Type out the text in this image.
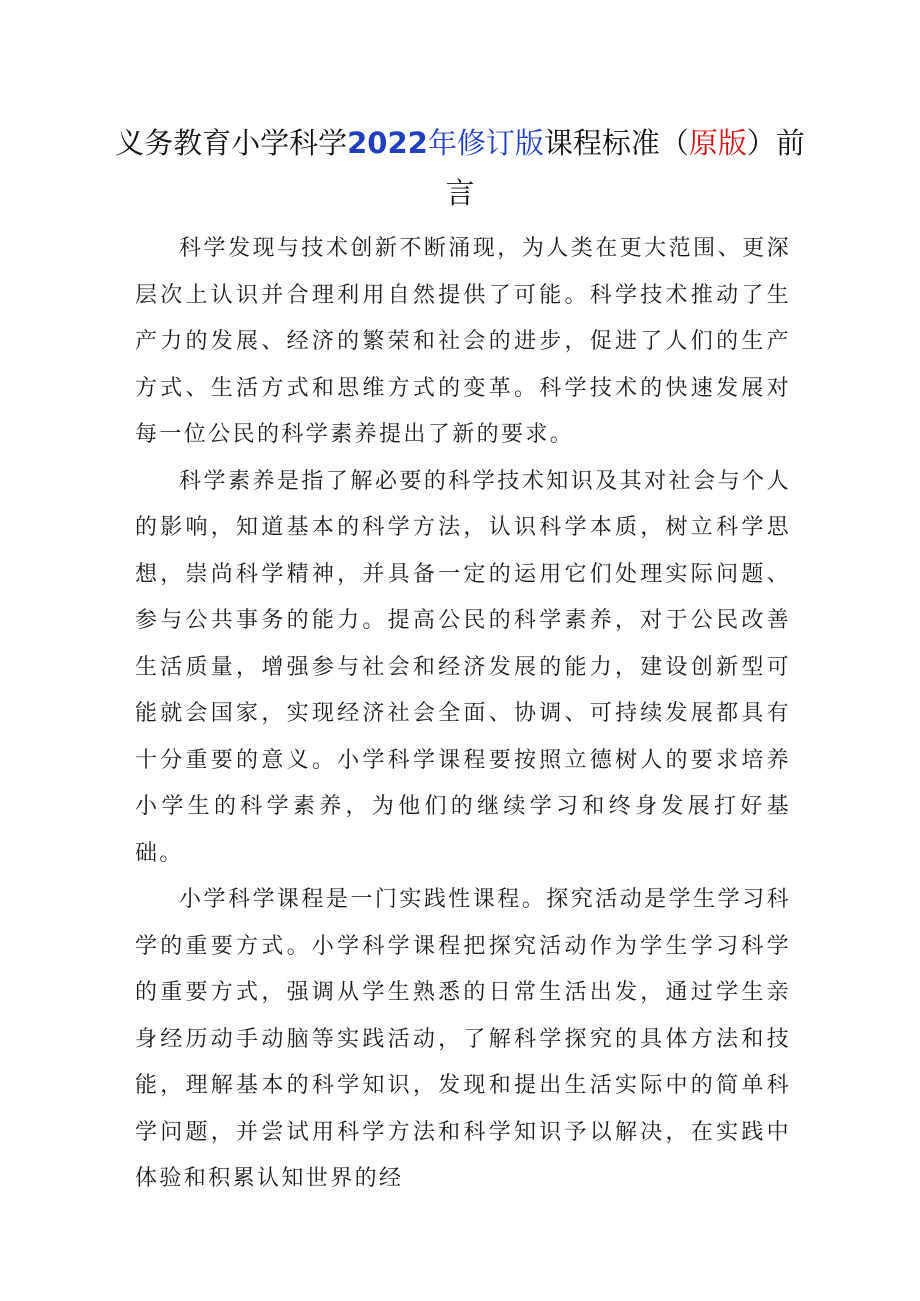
义务教育小学科学2022年修订版课程标准（原版）前言

科学发现与技术创新不断涌现，为人类在更大范围、更深层次上认识并合理利用自然提供了可能。科学技术推动了生产力的发展、经济的繁荣和社会的进步，促进了人们的生产方式、生活方式和思维方式的变革。科学技术的快速发展对每一位公民的科学素养提出了新的要求。

科学素养是指了解必要的科学技术知识及其对社会与个人的影响，知道基本的科学方法，认识科学本质，树立科学思想，崇尚科学精神，并具备一定的运用它们处理实际问题、参与公共事务的能力。提高公民的科学素养，对于公民改善生活质量，增强参与社会和经济发展的能力，建设创新型可能就会国家，实现经济社会全面、协调、可持续发展都具有十分重要的意义。小学科学课程要按照立德树人的要求培养小学生的科学素养，为他们的继续学习和终身发展打好基础。

小学科学课程是一门实践性课程。探究活动是学生学习科学的重要方式。小学科学课程把探究活动作为学生学习科学的重要方式，强调从学生熟悉的日常生活出发，通过学生亲身经历动手动脑等实践活动，了解科学探究的具体方法和技能，理解基本的科学知识，发现和提出生活实际中的简单科学问题，并尝试用科学方法和科学知识予以解决，在实践中体验和积累认知世界的经
